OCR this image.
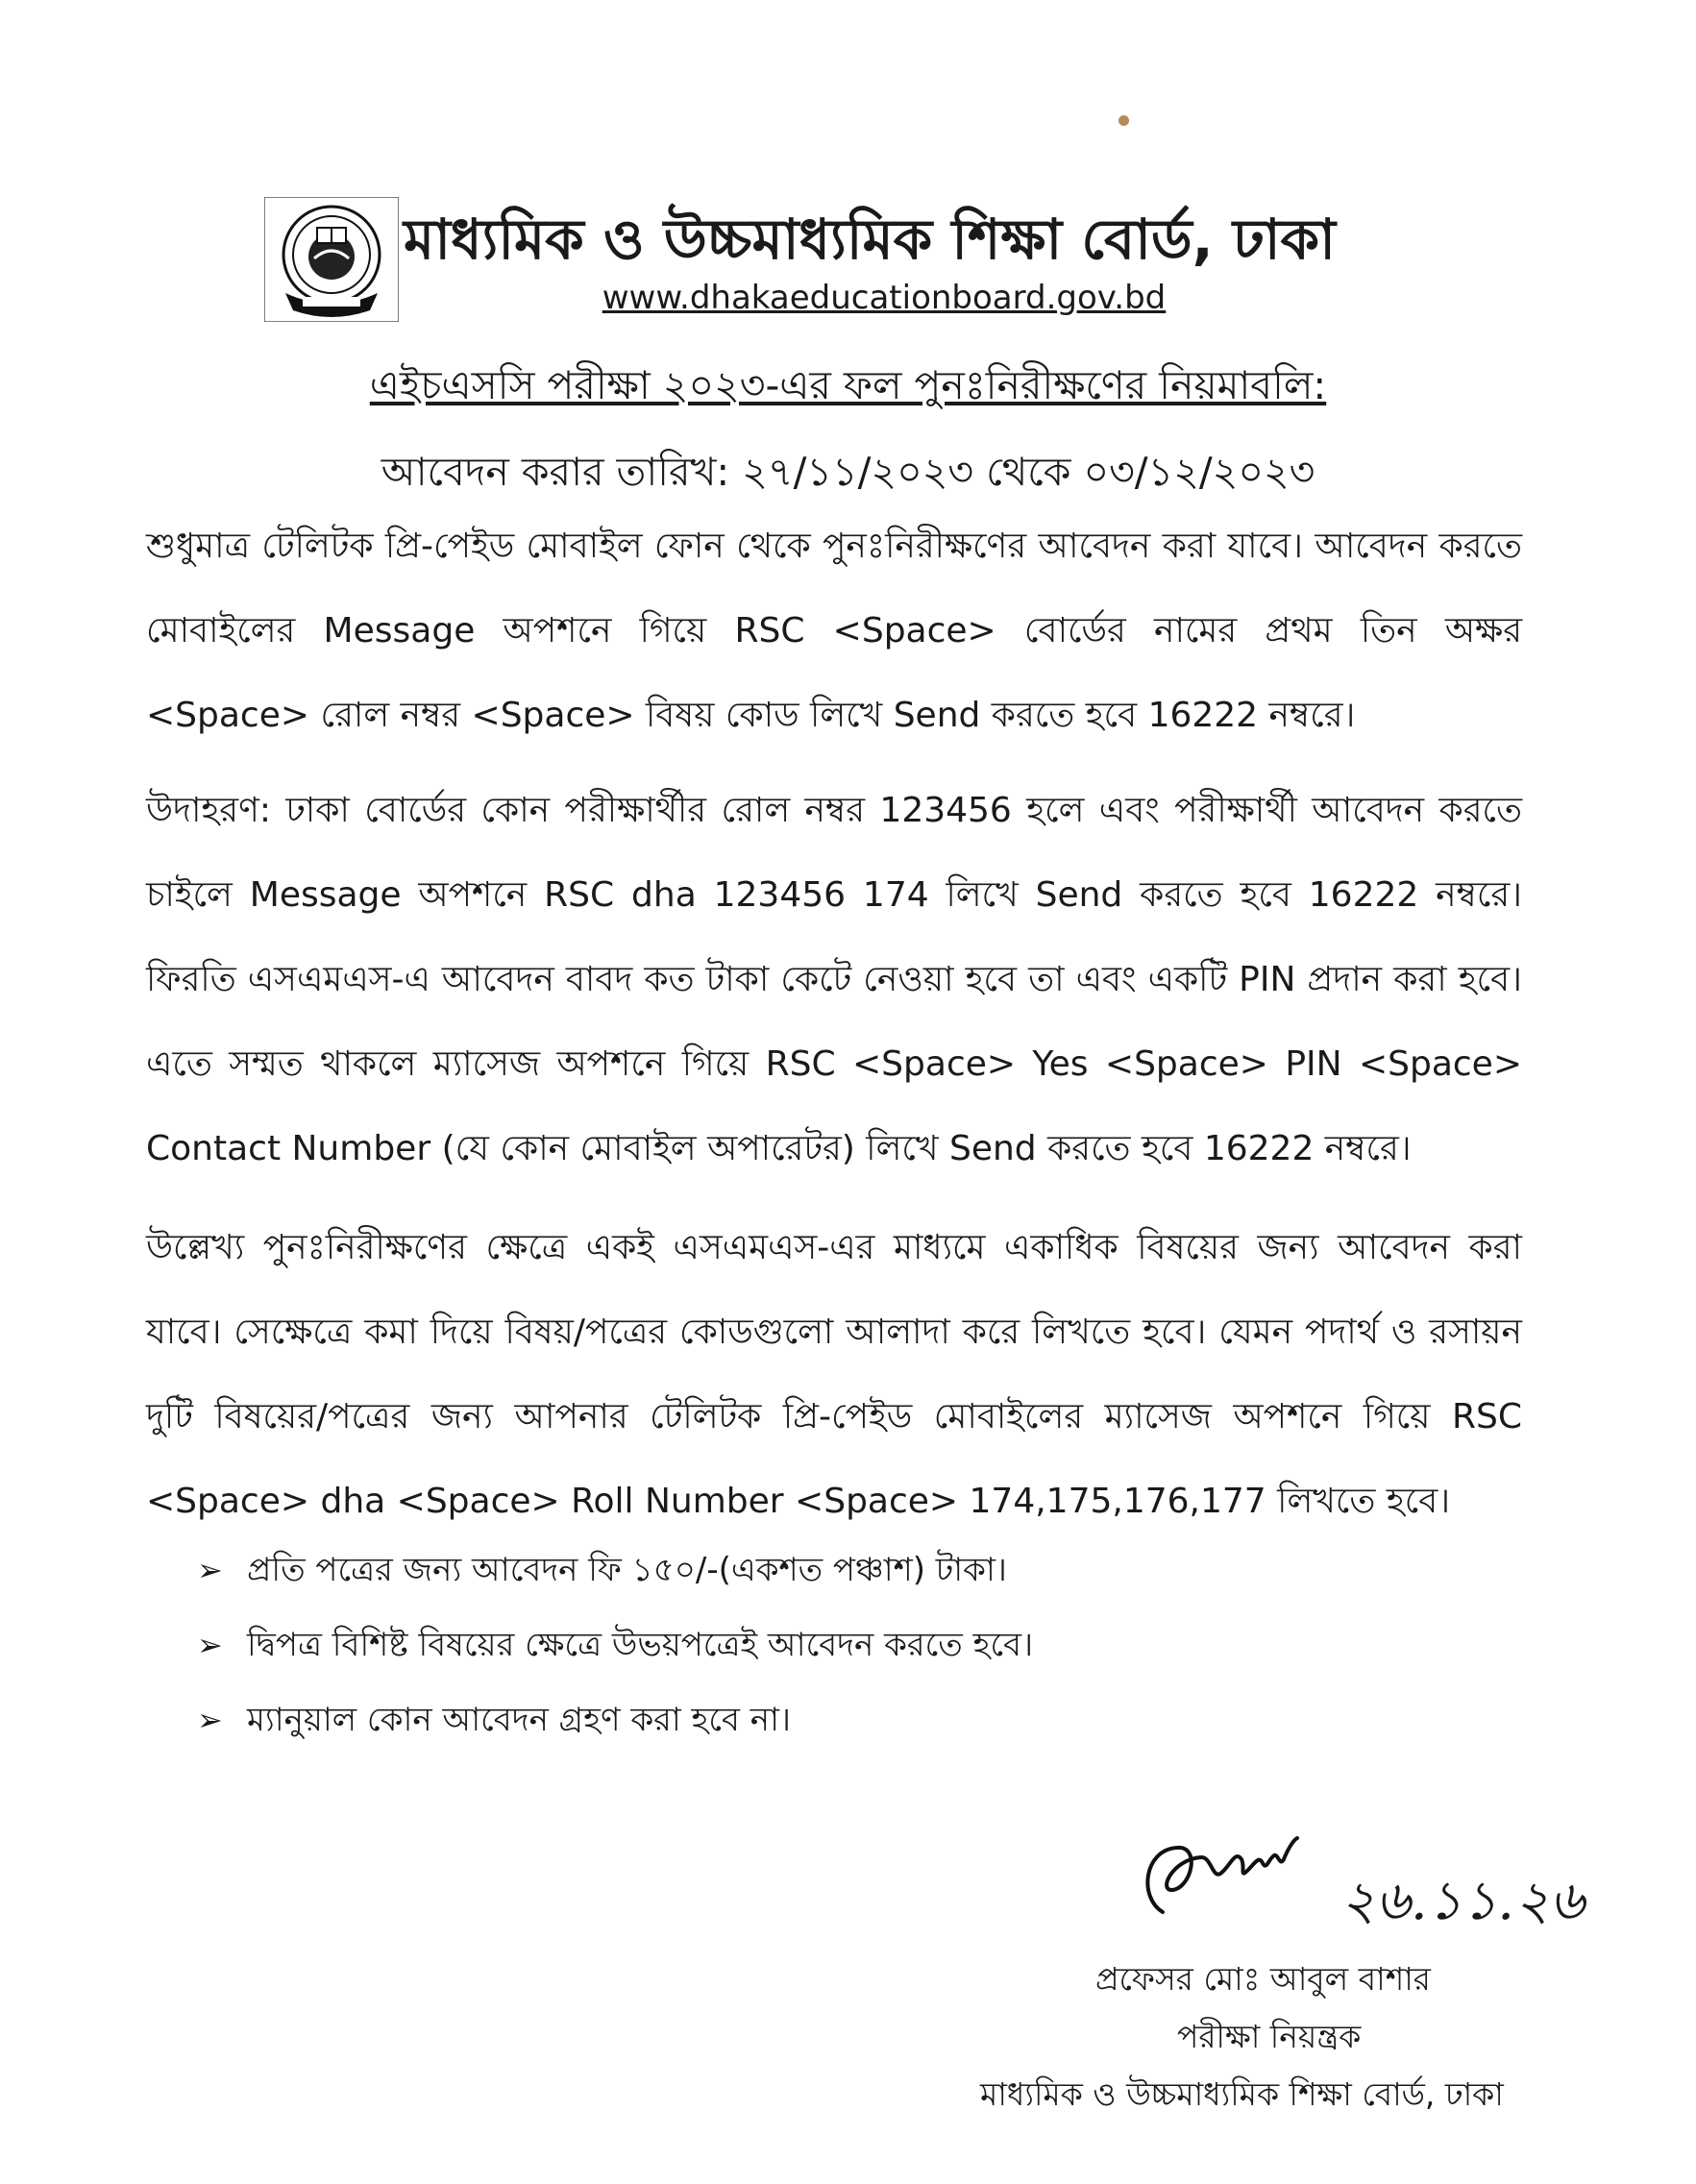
মাধ্যমিক ও উচ্চমাধ্যমিক শিক্ষা বোর্ড, ঢাকা
www.dhakaeducationboard.gov.bd
এইচএসসি পরীক্ষা ২০২৩-এর ফল পুনঃনিরীক্ষণের নিয়মাবলি:
আবেদন করার তারিখ: ২৭/১১/২০২৩ থেকে ০৩/১২/২০২৩
শুধুমাত্র টেলিটক প্রি-পেইড মোবাইল ফোন থেকে পুনঃনিরীক্ষণের আবেদন করা যাবে। আবেদন করতে মোবাইলের Message অপশনে গিয়ে RSC <Space> বোর্ডের নামের প্রথম তিন অক্ষর <Space> রোল নম্বর <Space> বিষয় কোড লিখে Send করতে হবে 16222 নম্বরে।
উদাহরণ: ঢাকা বোর্ডের কোন পরীক্ষার্থীর রোল নম্বর 123456 হলে এবং পরীক্ষার্থী আবেদন করতে চাইলে Message অপশনে RSC dha 123456 174 লিখে Send করতে হবে 16222 নম্বরে। ফিরতি এসএমএস-এ আবেদন বাবদ কত টাকা কেটে নেওয়া হবে তা এবং একটি PIN প্রদান করা হবে। এতে সম্মত থাকলে ম্যাসেজ অপশনে গিয়ে RSC <Space> Yes <Space> PIN <Space> Contact Number (যে কোন মোবাইল অপারেটর) লিখে Send করতে হবে 16222 নম্বরে।
উল্লেখ্য পুনঃনিরীক্ষণের ক্ষেত্রে একই এসএমএস-এর মাধ্যমে একাধিক বিষয়ের জন্য আবেদন করা যাবে। সেক্ষেত্রে কমা দিয়ে বিষয়/পত্রের কোডগুলো আলাদা করে লিখতে হবে। যেমন পদার্থ ও রসায়ন দুটি বিষয়ের/পত্রের জন্য আপনার টেলিটক প্রি-পেইড মোবাইলের ম্যাসেজ অপশনে গিয়ে RSC <Space> dha <Space> Roll Number <Space> 174,175,176,177 লিখতে হবে।
➢ প্রতি পত্রের জন্য আবেদন ফি ১৫০/-(একশত পঞ্চাশ) টাকা।
➢ দ্বিপত্র বিশিষ্ট বিষয়ের ক্ষেত্রে উভয়পত্রেই আবেদন করতে হবে।
➢ ম্যানুয়াল কোন আবেদন গ্রহণ করা হবে না।
২৬.১১.২৬
প্রফেসর মোঃ আবুল বাশার
পরীক্ষা নিয়ন্ত্রক
মাধ্যমিক ও উচ্চমাধ্যমিক শিক্ষা বোর্ড, ঢাকা
